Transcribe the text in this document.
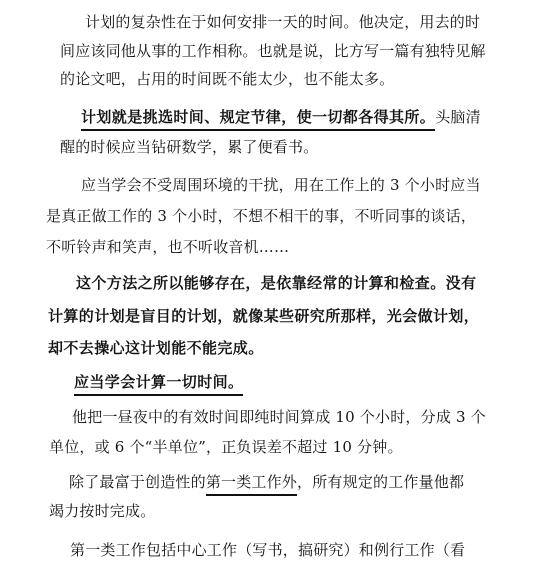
计划的复杂性在于如何安排一天的时间。他决定，用去的时
间应该同他从事的工作相称。也就是说，比方写一篇有独特见解
的论文吧，占用的时间既不能太少，也不能太多。
计划就是挑选时间、规定节律，使一切都各得其所。头脑清
醒的时候应当钻研数学，累了便看书。
应当学会不受周围环境的干扰，用在工作上的 3 个小时应当
是真正做工作的 3 个小时，不想不相干的事，不听同事的谈话，
不听铃声和笑声，也不听收音机……
这个方法之所以能够存在，是依靠经常的计算和检查。没有
计算的计划是盲目的计划，就像某些研究所那样，光会做计划，
却不去操心这计划能不能完成。
应当学会计算一切时间。
他把一昼夜中的有效时间即纯时间算成 10 个小时，分成 3 个
单位，或 6 个“半单位”，正负误差不超过 10 分钟。
除了最富于创造性的第一类工作外，所有规定的工作量他都
竭力按时完成。
第一类工作包括中心工作（写书，搞研究）和例行工作（看
